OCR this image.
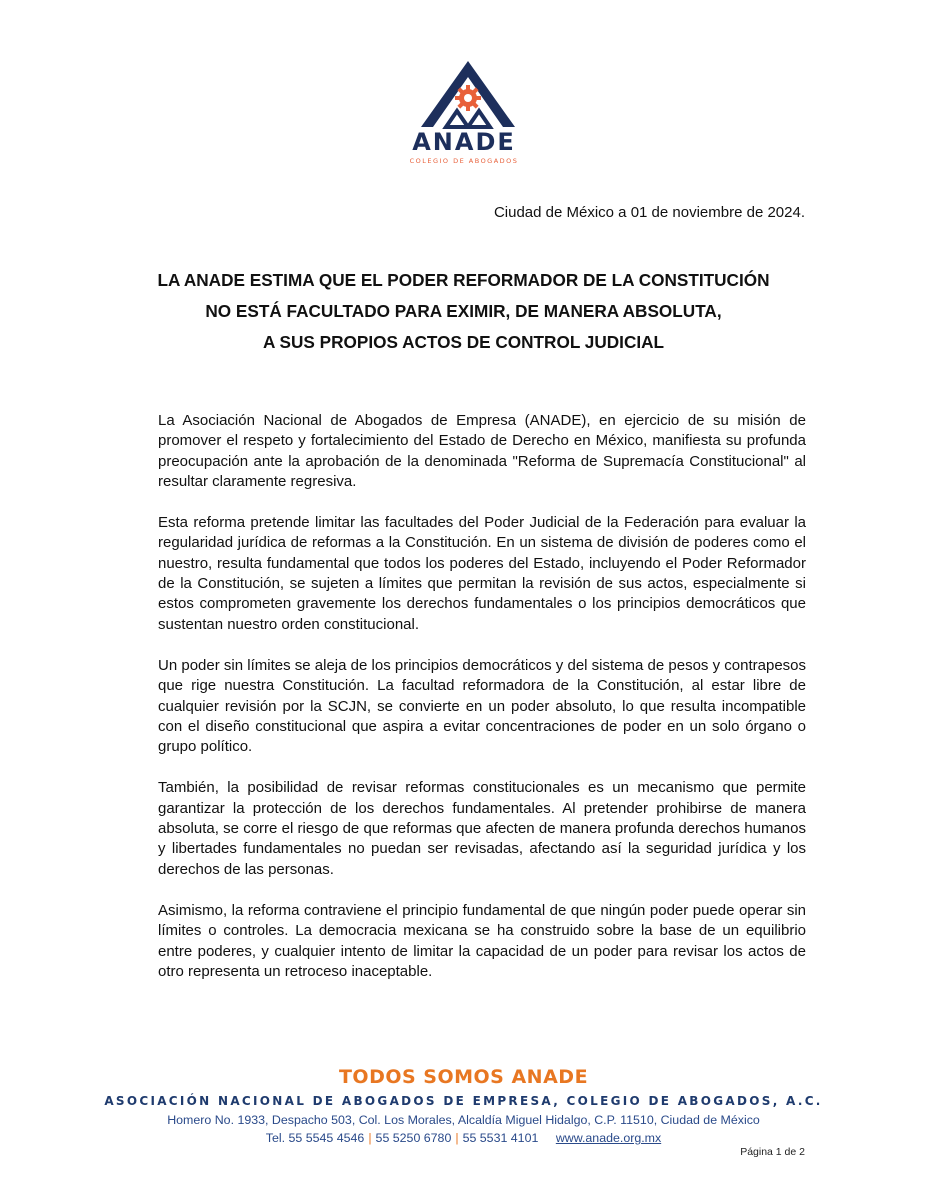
ANADE
COLEGIO DE ABOGADOS
Ciudad de México a 01 de noviembre de 2024.
LA ANADE ESTIMA QUE EL PODER REFORMADOR DE LA CONSTITUCIÓN
NO ESTÁ FACULTADO PARA EXIMIR, DE MANERA ABSOLUTA,
A SUS PROPIOS ACTOS DE CONTROL JUDICIAL

La Asociación Nacional de Abogados de Empresa (ANADE), en ejercicio de su misión de promover el respeto y fortalecimiento del Estado de Derecho en México, manifiesta su profunda preocupación ante la aprobación de la denominada "Reforma de Supremacía Constitucional" al resultar claramente regresiva.

Esta reforma pretende limitar las facultades del Poder Judicial de la Federación para evaluar la regularidad jurídica de reformas a la Constitución. En un sistema de división de poderes como el nuestro, resulta fundamental que todos los poderes del Estado, incluyendo el Poder Reformador de la Constitución, se sujeten a límites que permitan la revisión de sus actos, especialmente si estos comprometen gravemente los derechos fundamentales o los principios democráticos que sustentan nuestro orden constitucional.

Un poder sin límites se aleja de los principios democráticos y del sistema de pesos y contrapesos que rige nuestra Constitución. La facultad reformadora de la Constitución, al estar libre de cualquier revisión por la SCJN, se convierte en un poder absoluto, lo que resulta incompatible con el diseño constitucional que aspira a evitar concentraciones de poder en un solo órgano o grupo político.

También, la posibilidad de revisar reformas constitucionales es un mecanismo que permite garantizar la protección de los derechos fundamentales. Al pretender prohibirse de manera absoluta, se corre el riesgo de que reformas que afecten de manera profunda derechos humanos y libertades fundamentales no puedan ser revisadas, afectando así la seguridad jurídica y los derechos de las personas.

Asimismo, la reforma contraviene el principio fundamental de que ningún poder puede operar sin límites o controles. La democracia mexicana se ha construido sobre la base de un equilibrio entre poderes, y cualquier intento de limitar la capacidad de un poder para revisar los actos de otro representa un retroceso inaceptable.

TODOS SOMOS ANADE
ASOCIACIÓN NACIONAL DE ABOGADOS DE EMPRESA, COLEGIO DE ABOGADOS, A.C.
Homero No. 1933, Despacho 503, Col. Los Morales, Alcaldía Miguel Hidalgo, C.P. 11510, Ciudad de México
Tel. 55 5545 4546 | 55 5250 6780 | 55 5531 4101 www.anade.org.mx
Página 1 de 2
